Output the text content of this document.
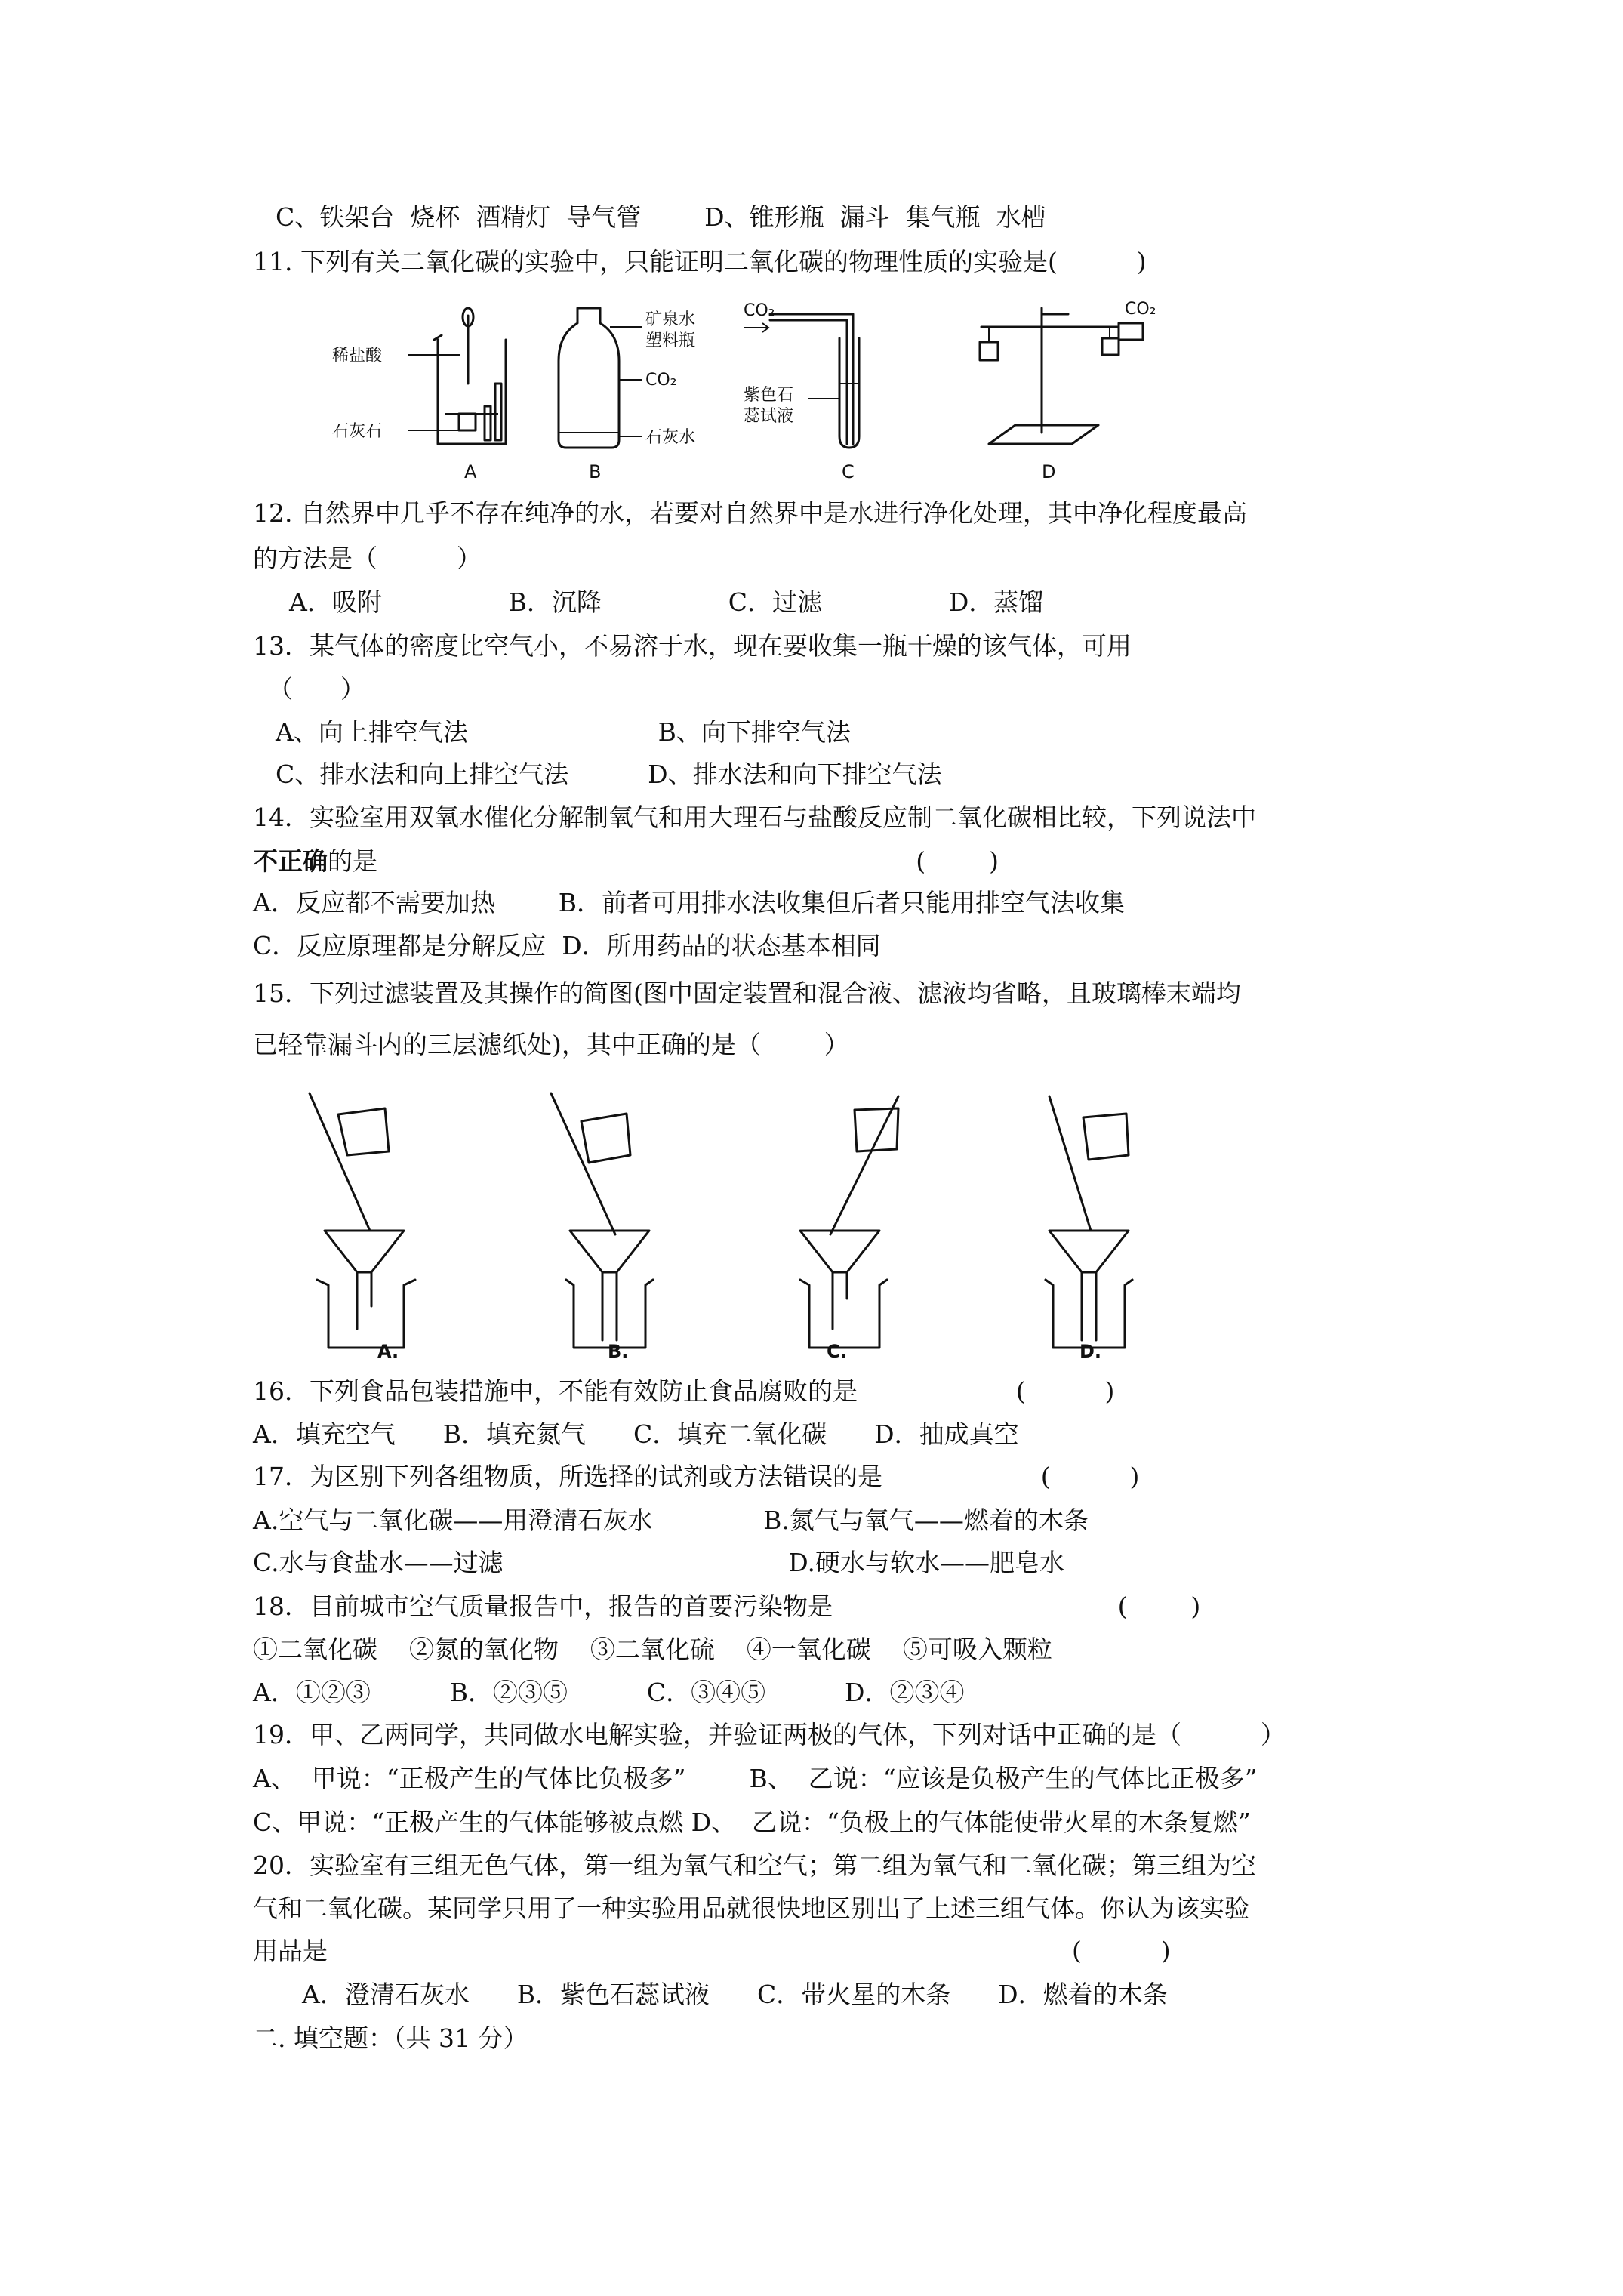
C、铁架台  烧杯  酒精灯  导气管        D、锥形瓶  漏斗  集气瓶  水槽
11. 下列有关二氧化碳的实验中，只能证明二氧化碳的物理性质的实验是(          )
稀盐酸
石灰石
A
矿泉水
塑料瓶
CO₂
石灰水
B
CO₂
紫色石
蕊试液
C
CO₂
D
12. 自然界中几乎不存在纯净的水，若要对自然界中是水进行净化处理，其中净化程度最高
的方法是（          ）
A．吸附                B．沉降                C．过滤                D．蒸馏
13．某气体的密度比空气小，不易溶于水，现在要收集一瓶干燥的该气体，可用
（      ）
A、向上排空气法                        B、向下排空气法
C、排水法和向上排空气法          D、排水法和向下排空气法
14．实验室用双氧水催化分解制氧气和用大理石与盐酸反应制二氧化碳相比较，下列说法中
不正确的是                                                                    (        )
A．反应都不需要加热        B．前者可用排水法收集但后者只能用排空气法收集
C．反应原理都是分解反应  D．所用药品的状态基本相同
15．下列过滤装置及其操作的简图(图中固定装置和混合液、滤液均省略，且玻璃棒末端均
已轻靠漏斗内的三层滤纸处)，其中正确的是（        ）
A.	B.	C.	D.
16．下列食品包装措施中，不能有效防止食品腐败的是                    (          )
A．填充空气      B．填充氮气      C．填充二氧化碳      D．抽成真空
17．为区别下列各组物质，所选择的试剂或方法错误的是                    (          )
A.空气与二氧化碳——用澄清石灰水              B.氮气与氧气——燃着的木条
C.水与食盐水——过滤                                    D.硬水与软水——肥皂水
18．目前城市空气质量报告中，报告的首要污染物是                                    (        )
①二氧化碳    ②氮的氧化物    ③二氧化硫    ④一氧化碳    ⑤可吸入颗粒
A．①②③          B．②③⑤          C．③④⑤          D．②③④
19．甲、乙两同学，共同做水电解实验，并验证两极的气体，下列对话中正确的是（          ）
A、  甲说：“正极产生的气体比负极多”        B、  乙说：“应该是负极产生的气体比正极多”
C、甲说：“正极产生的气体能够被点燃 D、  乙说：“负极上的气体能使带火星的木条复燃”
20．实验室有三组无色气体，第一组为氧气和空气；第二组为氧气和二氧化碳；第三组为空
气和二氧化碳。某同学只用了一种实验用品就很快地区别出了上述三组气体。你认为该实验
用品是                                                                                              (          )
A．澄清石灰水      B．紫色石蕊试液      C．带火星的木条      D．燃着的木条
二. 填空题：（共 31 分）
